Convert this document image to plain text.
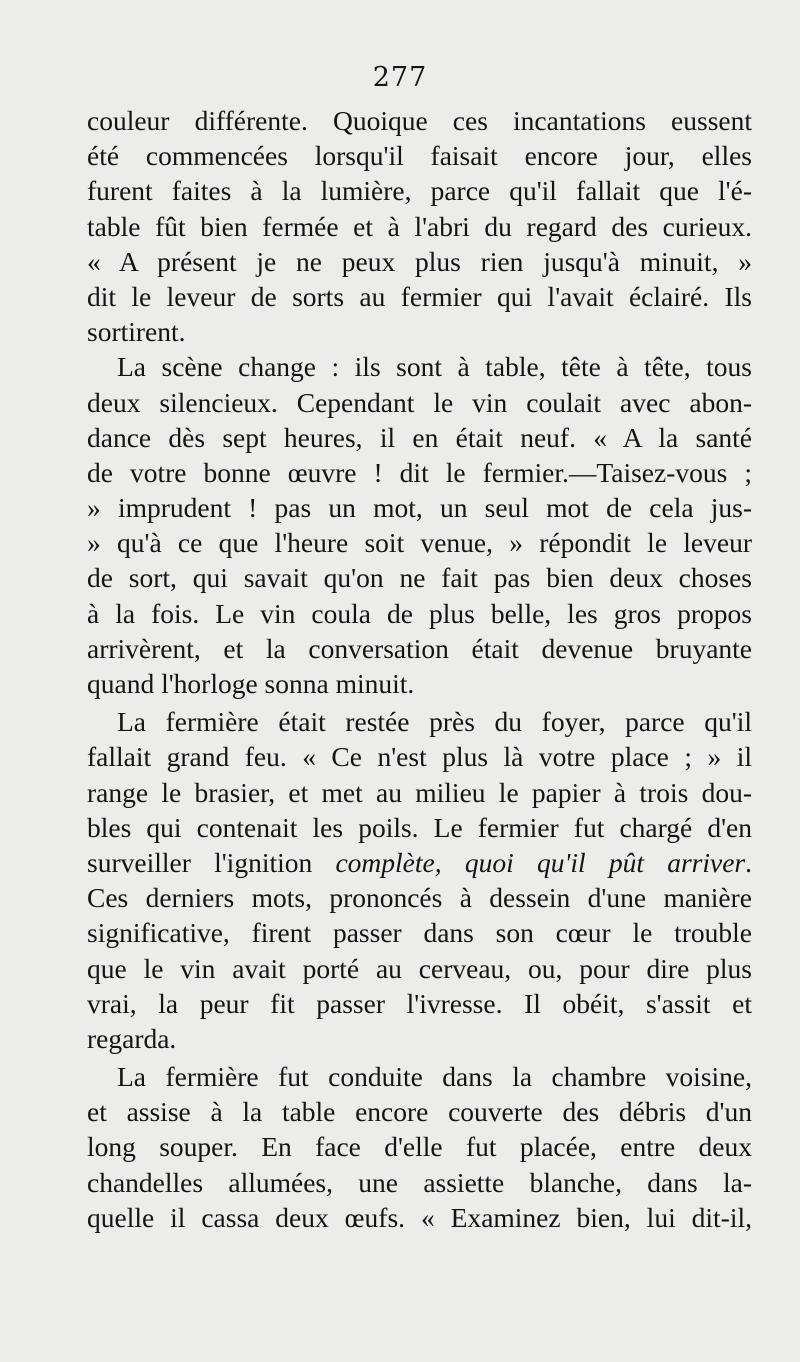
277
couleur différente. Quoique ces incantations eussent
été commencées lorsqu'il faisait encore jour, elles
furent faites à la lumière, parce qu'il fallait que l'é-
table fût bien fermée et à l'abri du regard des curieux.
« A présent je ne peux plus rien jusqu'à minuit, »
dit le leveur de sorts au fermier qui l'avait éclairé. Ils
sortirent.
La scène change : ils sont à table, tête à tête, tous
deux silencieux. Cependant le vin coulait avec abon-
dance dès sept heures, il en était neuf. « A la santé
de votre bonne œuvre ! dit le fermier.—Taisez-vous ;
» imprudent ! pas un mot, un seul mot de cela jus-
» qu'à ce que l'heure soit venue, » répondit le leveur
de sort, qui savait qu'on ne fait pas bien deux choses
à la fois. Le vin coula de plus belle, les gros propos
arrivèrent, et la conversation était devenue bruyante
quand l'horloge sonna minuit.
La fermière était restée près du foyer, parce qu'il
fallait grand feu. « Ce n'est plus là votre place ; » il
range le brasier, et met au milieu le papier à trois dou-
bles qui contenait les poils. Le fermier fut chargé d'en
surveiller l'ignition complète, quoi qu'il pût arriver.
Ces derniers mots, prononcés à dessein d'une manière
significative, firent passer dans son cœur le trouble
que le vin avait porté au cerveau, ou, pour dire plus
vrai, la peur fit passer l'ivresse. Il obéit, s'assit et
regarda.
La fermière fut conduite dans la chambre voisine,
et assise à la table encore couverte des débris d'un
long souper. En face d'elle fut placée, entre deux
chandelles allumées, une assiette blanche, dans la-
quelle il cassa deux œufs. « Examinez bien, lui dit-il,
